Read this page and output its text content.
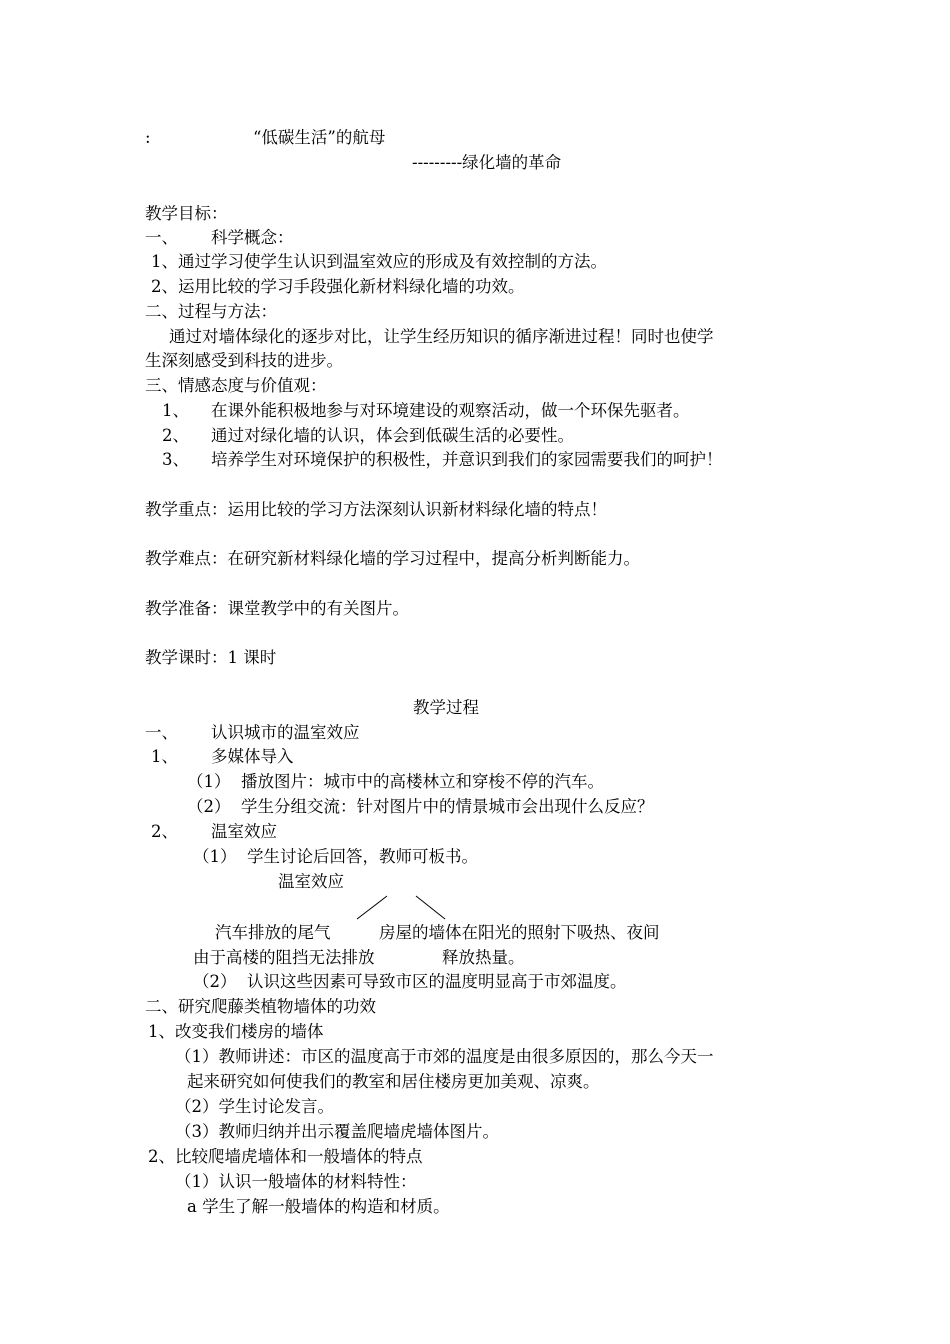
:	“低碳生活”的航母
---------绿化墙的革命
教学目标：
一、 科学概念：
1、通过学习使学生认识到温室效应的形成及有效控制的方法。
2、运用比较的学习手段强化新材料绿化墙的功效。
二、过程与方法：
通过对墙体绿化的逐步对比，让学生经历知识的循序渐进过程！同时也使学
生深刻感受到科技的进步。
三、情感态度与价值观：
1、 在课外能积极地参与对环境建设的观察活动，做一个环保先驱者。
2、 通过对绿化墙的认识，体会到低碳生活的必要性。
3、 培养学生对环境保护的积极性，并意识到我们的家园需要我们的呵护！
教学重点：运用比较的学习方法深刻认识新材料绿化墙的特点！
教学难点：在研究新材料绿化墙的学习过程中，提高分析判断能力。
教学准备：课堂教学中的有关图片。
教学课时：1 课时
教学过程
一、 认识城市的温室效应
1、 多媒体导入
（1）  播放图片：城市中的高楼林立和穿梭不停的汽车。
（2）  学生分组交流：针对图片中的情景城市会出现什么反应？
2、 温室效应
（1）  学生讨论后回答，教师可板书。
温室效应
汽车排放的尾气	房屋的墙体在阳光的照射下吸热、夜间
由于高楼的阻挡无法排放	释放热量。
（2）  认识这些因素可导致市区的温度明显高于市郊温度。
二、研究爬藤类植物墙体的功效
1、改变我们楼房的墙体
（1）教师讲述：市区的温度高于市郊的温度是由很多原因的，那么今天一
起来研究如何使我们的教室和居住楼房更加美观、凉爽。
（2）学生讨论发言。
（3）教师归纳并出示覆盖爬墙虎墙体图片。
2、比较爬墙虎墙体和一般墙体的特点
（1）认识一般墙体的材料特性：
a 学生了解一般墙体的构造和材质。
